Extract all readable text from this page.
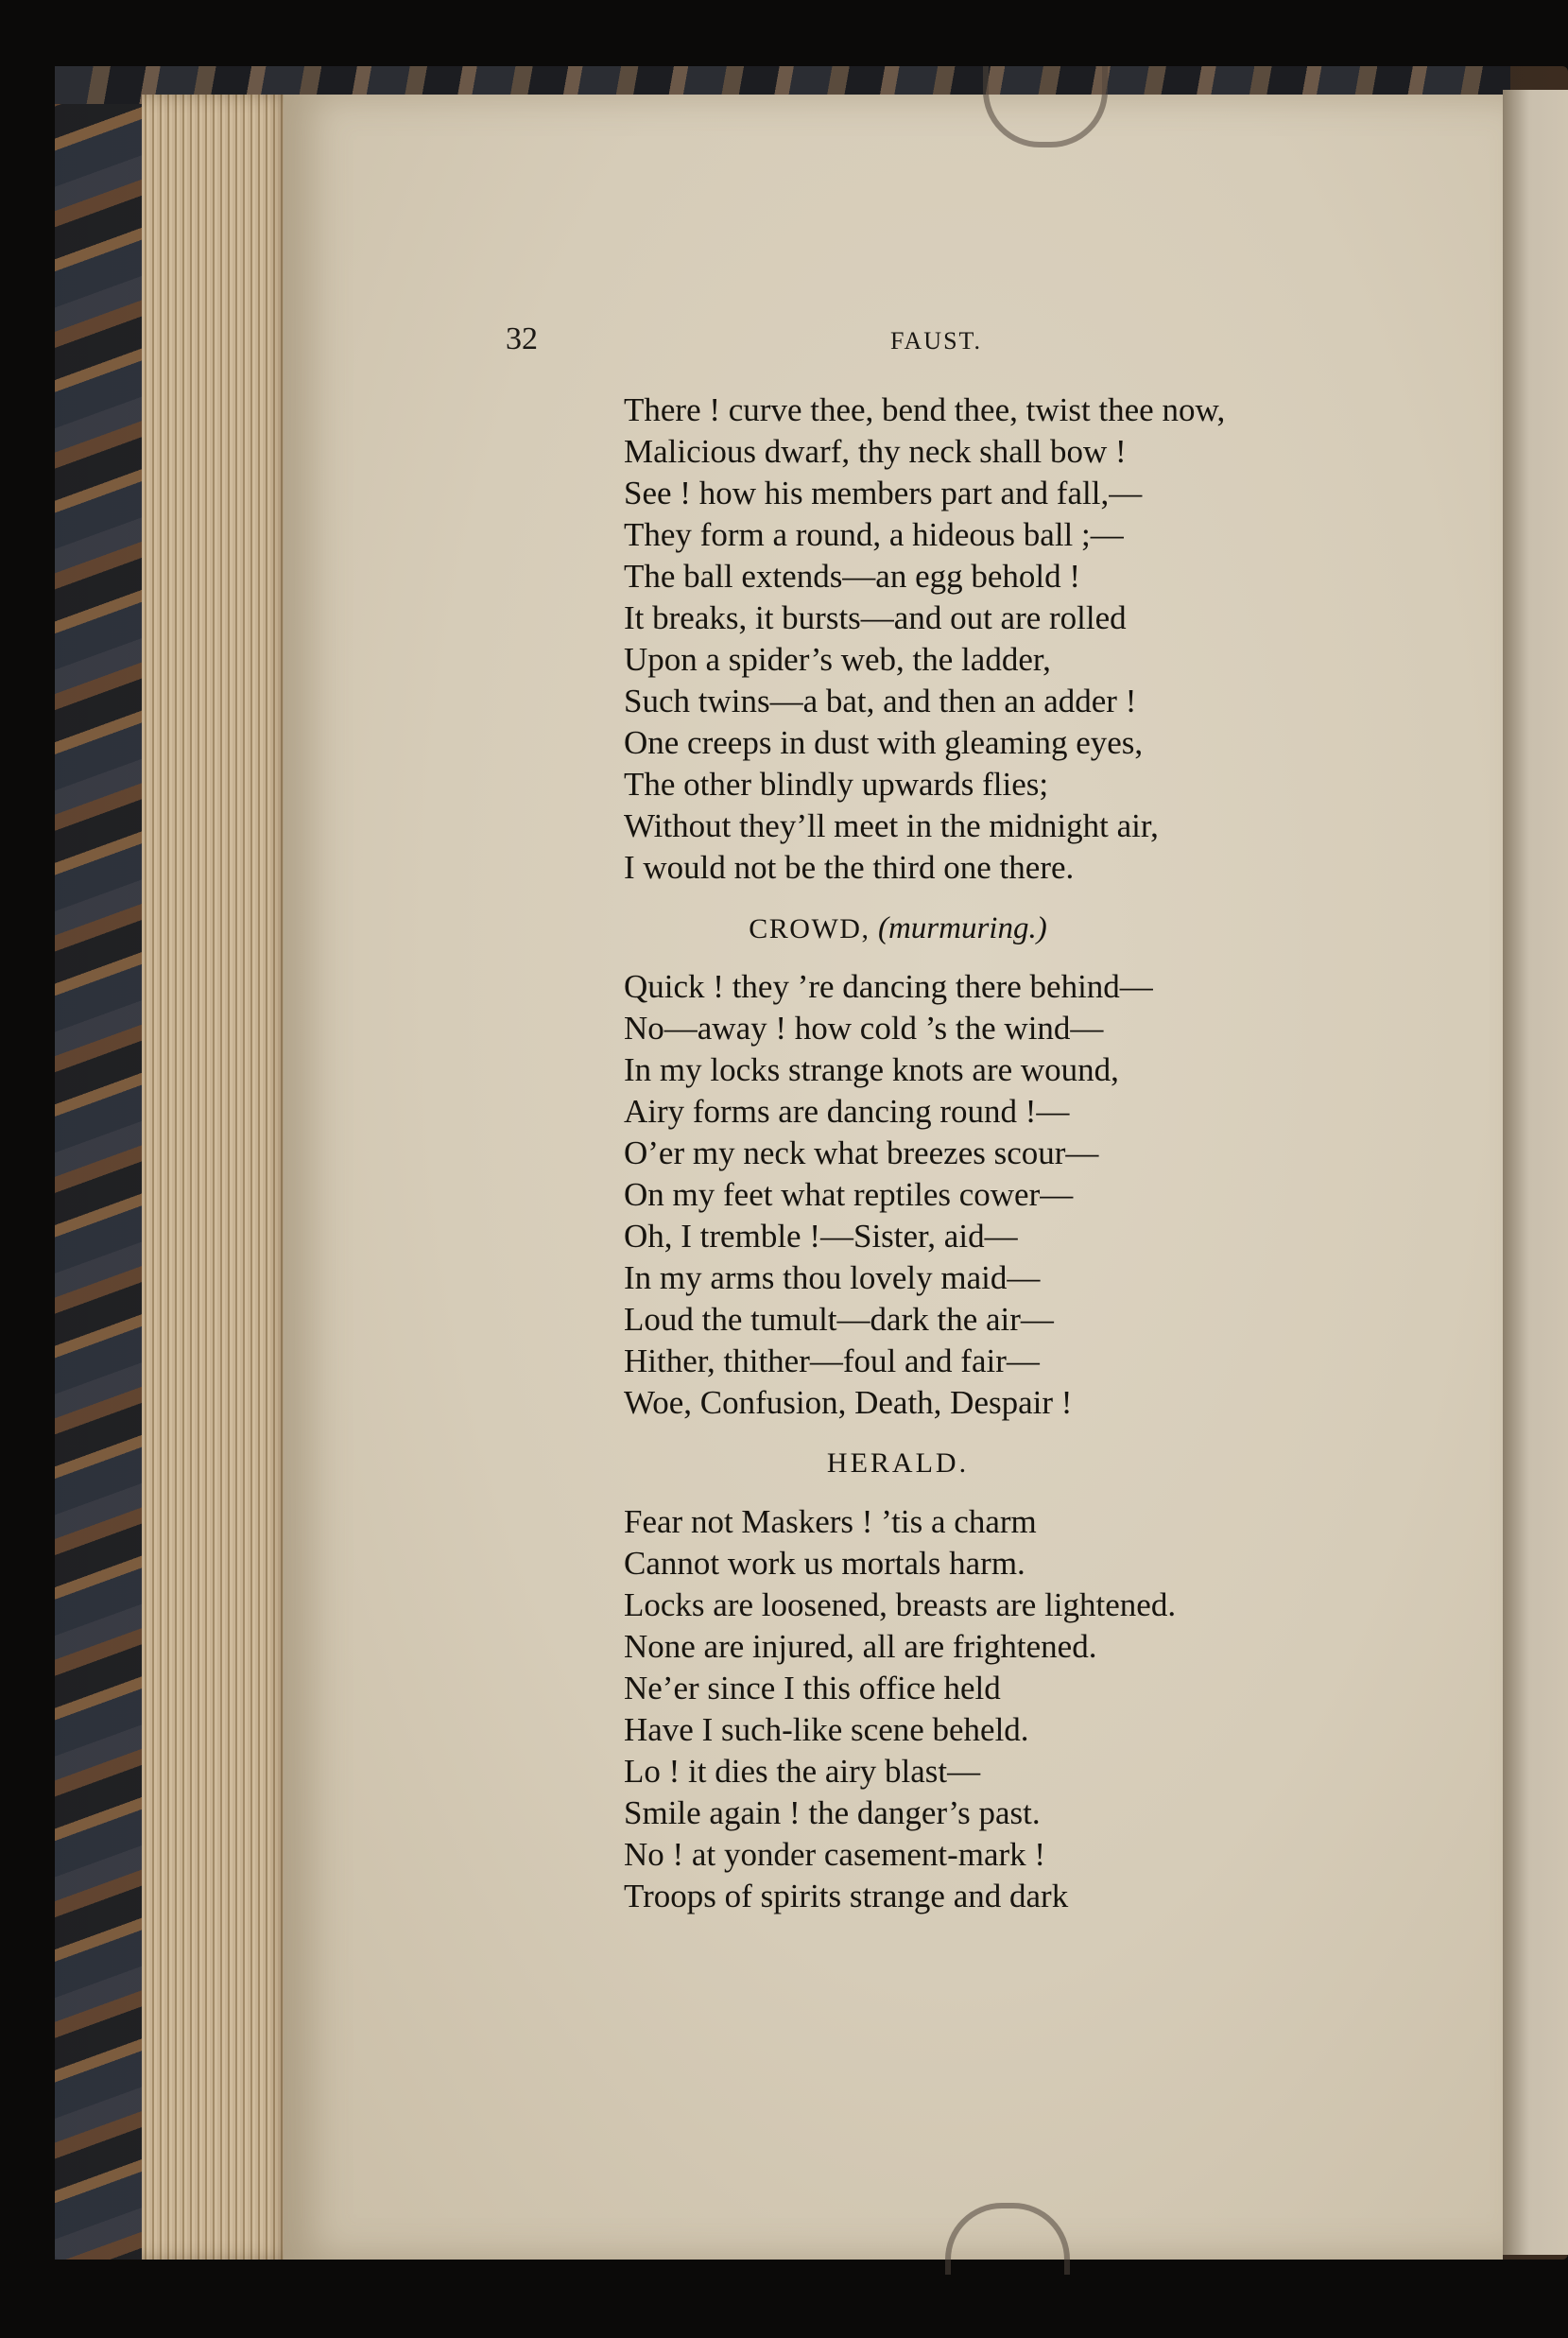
32	FAUST.
There ! curve thee, bend thee, twist thee now,
Malicious dwarf, thy neck shall bow !
See ! how his members part and fall,—
They form a round, a hideous ball ;—
The ball extends—an egg behold !
It breaks, it bursts—and out are rolled
Upon a spider’s web, the ladder,
Such twins—a bat, and then an adder !
One creeps in dust with gleaming eyes,
The other blindly upwards flies;
Without they’ll meet in the midnight air,
I would not be the third one there.
CROWD, (murmuring.)
Quick ! they ’re dancing there behind—
No—away ! how cold ’s the wind—
In my locks strange knots are wound,
Airy forms are dancing round !—
O’er my neck what breezes scour—
On my feet what reptiles cower—
Oh, I tremble !—Sister, aid—
In my arms thou lovely maid—
Loud the tumult—dark the air—
Hither, thither—foul and fair—
Woe, Confusion, Death, Despair !
HERALD.
Fear not Maskers ! ’tis a charm
Cannot work us mortals harm.
Locks are loosened, breasts are lightened.
None are injured, all are frightened.
Ne’er since I this office held
Have I such-like scene beheld.
Lo ! it dies the airy blast—
Smile again ! the danger’s past.
No ! at yonder casement-mark !
Troops of spirits strange and dark
